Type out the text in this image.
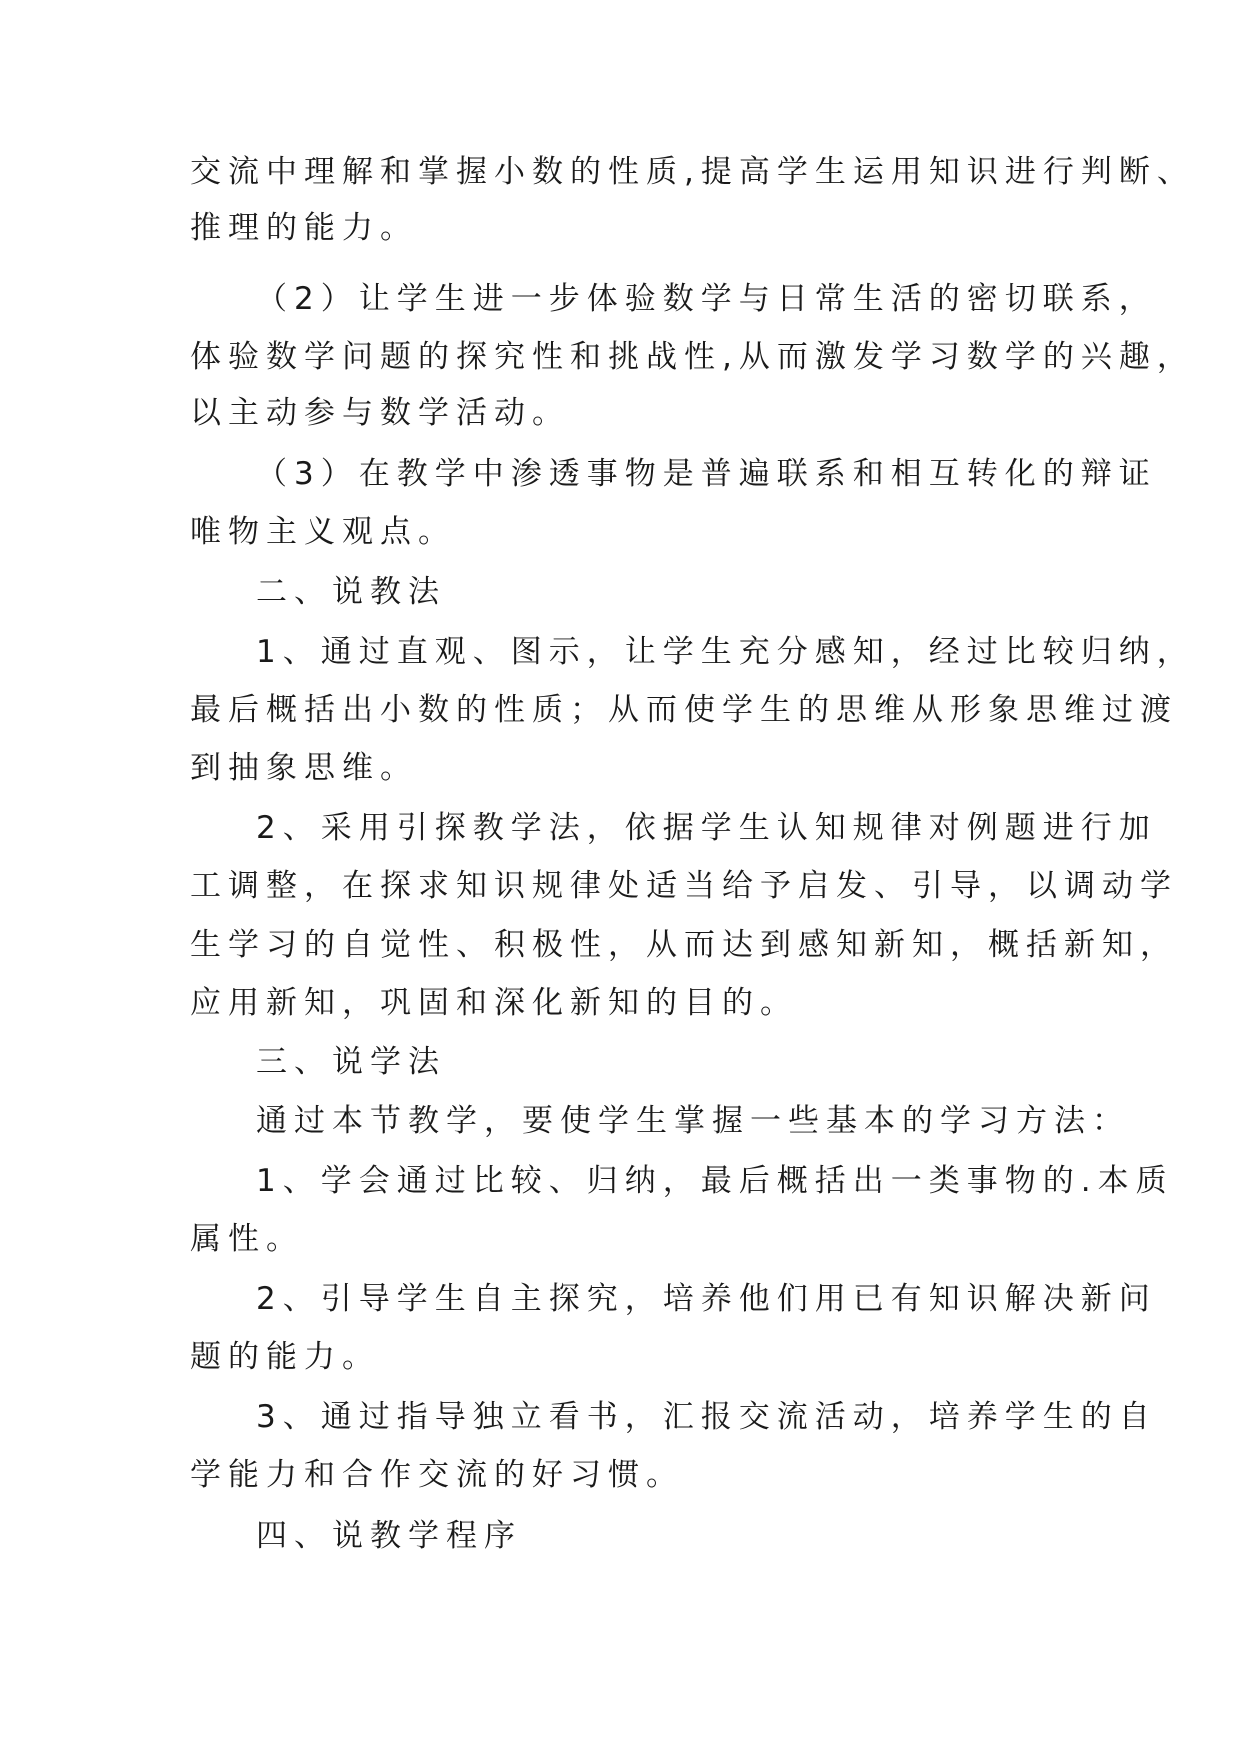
交流中理解和掌握小数的性质,提高学生运用知识进行判断、
推理的能力。
（2）让学生进一步体验数学与日常生活的密切联系，
体验数学问题的探究性和挑战性,从而激发学习数学的兴趣，
以主动参与数学活动。
（3）在教学中渗透事物是普遍联系和相互转化的辩证
唯物主义观点。
二、说教法
1、通过直观、图示，让学生充分感知，经过比较归纳，
最后概括出小数的性质；从而使学生的思维从形象思维过渡
到抽象思维。
2、采用引探教学法，依据学生认知规律对例题进行加
工调整，在探求知识规律处适当给予启发、引导，以调动学
生学习的自觉性、积极性，从而达到感知新知，概括新知，
应用新知，巩固和深化新知的目的。
三、说学法
通过本节教学，要使学生掌握一些基本的学习方法：
1、学会通过比较、归纳，最后概括出一类事物的.本质
属性。
2、引导学生自主探究，培养他们用已有知识解决新问
题的能力。
3、通过指导独立看书，汇报交流活动，培养学生的自
学能力和合作交流的好习惯。
四、说教学程序
